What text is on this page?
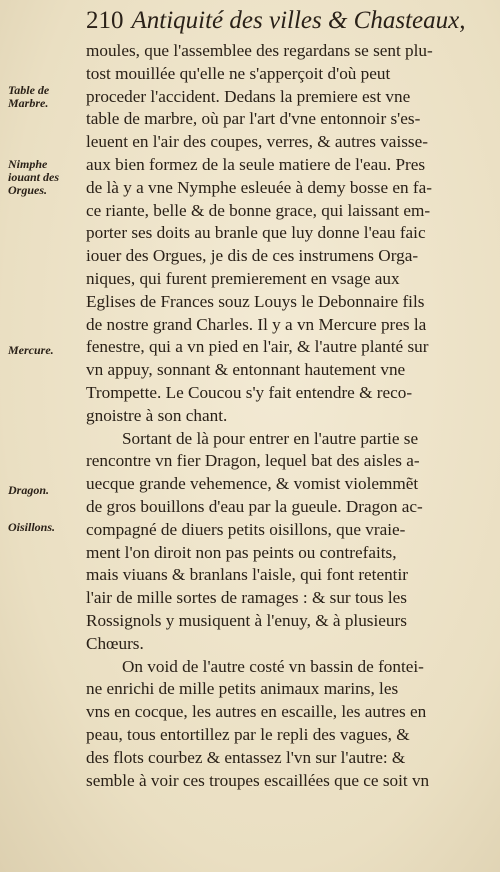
210 Antiquité des villes & Chasteaux,
Table de
Marbre.
Nimphe
iouant des
Orgues.
Mercure.
Dragon.
Oisillons.
moules, que l'assemblee des regardans se sent plu-
tost mouillée qu'elle ne s'apperçoit d'où peut
proceder l'accident. Dedans la premiere est vne
table de marbre, où par l'art d'vne entonnoir s'es-
leuent en l'air des coupes, verres, & autres vaisse-
aux bien formez de la seule matiere de l'eau. Pres
de là y a vne Nymphe esleuée à demy bosse en fa-
ce riante, belle & de bonne grace, qui laissant em-
porter ses doits au branle que luy donne l'eau faic
iouer des Orgues, je dis de ces instrumens Orga-
niques, qui furent premierement en vsage aux
Eglises de Frances souz Louys le Debonnaire fils
de nostre grand Charles. Il y a vn Mercure pres la
fenestre, qui a vn pied en l'air, & l'autre planté sur
vn appuy, sonnant & entonnant hautement vne
Trompette. Le Coucou s'y fait entendre & reco-
gnoistre à son chant.
Sortant de là pour entrer en l'autre partie se
rencontre vn fier Dragon, lequel bat des aisles a-
uecque grande vehemence, & vomist violemmẽt
de gros bouillons d'eau par la gueule. Dragon ac-
compagné de diuers petits oisillons, que vraie-
ment l'on diroit non pas peints ou contrefaits,
mais viuans & branlans l'aisle, qui font retentir
l'air de mille sortes de ramages : & sur tous les
Rossignols y musiquent à l'enuy, & à plusieurs
Chœurs.
On void de l'autre costé vn bassin de fontei-
ne enrichi de mille petits animaux marins, les
vns en cocque, les autres en escaille, les autres en
peau, tous entortillez par le repli des vagues, &
des flots courbez & entassez l'vn sur l'autre: &
semble à voir ces troupes escaillées que ce soit vn
